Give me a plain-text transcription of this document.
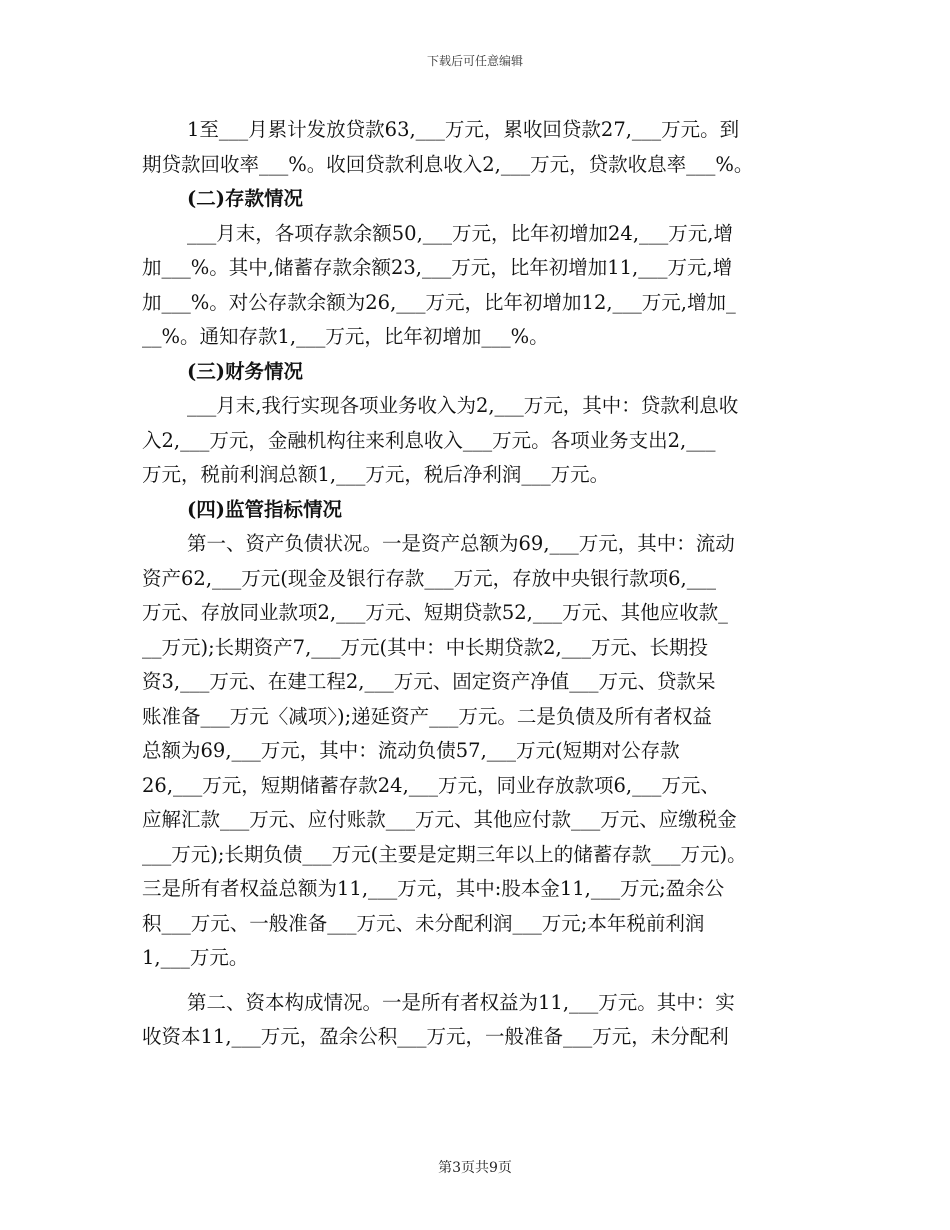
下载后可任意编辑
1至___月累计发放贷款63,___万元，累收回贷款27,___万元。到
期贷款回收率___%。收回贷款利息收入2,___万元，贷款收息率___%。
(二)存款情况
___月末，各项存款余额50,___万元，比年初增加24,___万元,增
加___%。其中,储蓄存款余额23,___万元，比年初增加11,___万元,增
加___%。对公存款余额为26,___万元，比年初增加12,___万元,增加_
__%。通知存款1,___万元，比年初增加___%。
(三)财务情况
___月末,我行实现各项业务收入为2,___万元，其中：贷款利息收
入2,___万元，金融机构往来利息收入___万元。各项业务支出2,___
万元，税前利润总额1,___万元，税后净利润___万元。
(四)监管指标情况
第一、资产负债状况。一是资产总额为69,___万元，其中：流动
资产62,___万元(现金及银行存款___万元，存放中央银行款项6,___
万元、存放同业款项2,___万元、短期贷款52,___万元、其他应收款_
__万元);长期资产7,___万元(其中：中长期贷款2,___万元、长期投
资3,___万元、在建工程2,___万元、固定资产净值___万元、贷款呆
账准备___万元〈减项〉);递延资产___万元。二是负债及所有者权益
总额为69,___万元，其中：流动负债57,___万元(短期对公存款
26,___万元，短期储蓄存款24,___万元，同业存放款项6,___万元、
应解汇款___万元、应付账款___万元、其他应付款___万元、应缴税金
___万元);长期负债___万元(主要是定期三年以上的储蓄存款___万元)。
三是所有者权益总额为11,___万元，其中:股本金11,___万元;盈余公
积___万元、一般准备___万元、未分配利润___万元;本年税前利润
1,___万元。
第二、资本构成情况。一是所有者权益为11,___万元。其中：实
收资本11,___万元，盈余公积___万元，一般准备___万元，未分配利
第3页共9页
